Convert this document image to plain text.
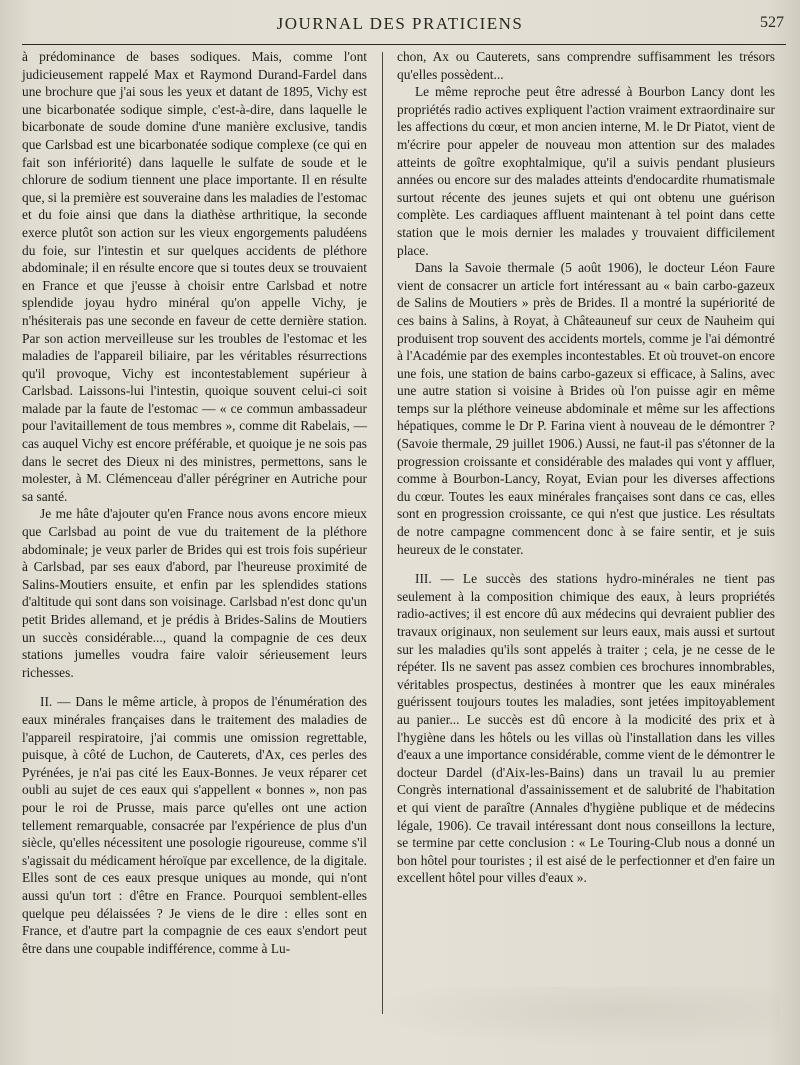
JOURNAL DES PRATICIENS	527

à prédominance de bases sodiques. Mais, comme l'ont judicieusement rappelé Max et Raymond Durand-Fardel dans une brochure que j'ai sous les yeux et datant de 1895, Vichy est une bicarbonatée sodique simple, c'est-à-dire, dans laquelle le bicarbonate de soude domine d'une manière exclusive, tandis que Carlsbad est une bicarbonatée sodique complexe (ce qui en fait son infériorité) dans laquelle le sulfate de soude et le chlorure de sodium tiennent une place importante. Il en résulte que, si la première est souveraine dans les maladies de l'estomac et du foie ainsi que dans la diathèse arthritique, la seconde exerce plutôt son action sur les vieux engorgements paludéens du foie, sur l'intestin et sur quelques accidents de pléthore abdominale; il en résulte encore que si toutes deux se trouvaient en France et que j'eusse à choisir entre Carlsbad et notre splendide joyau hydro minéral qu'on appelle Vichy, je n'hésiterais pas une seconde en faveur de cette dernière station. Par son action merveilleuse sur les troubles de l'estomac et les maladies de l'appareil biliaire, par les véritables résurrections qu'il provoque, Vichy est incontestablement supérieur à Carlsbad. Laissons-lui l'intestin, quoique souvent celui-ci soit malade par la faute de l'estomac — « ce commun ambassadeur pour l'avitaillement de tous membres », comme dit Rabelais, — cas auquel Vichy est encore préférable, et quoique je ne sois pas dans le secret des Dieux ni des ministres, permettons, sans le molester, à M. Clémenceau d'aller pérégriner en Autriche pour sa santé.

Je me hâte d'ajouter qu'en France nous avons encore mieux que Carlsbad au point de vue du traitement de la pléthore abdominale; je veux parler de Brides qui est trois fois supérieur à Carlsbad, par ses eaux d'abord, par l'heureuse proximité de Salins-Moutiers ensuite, et enfin par les splendides stations d'altitude qui sont dans son voisinage. Carlsbad n'est donc qu'un petit Brides allemand, et je prédis à Brides-Salins de Moutiers un succès considérable..., quand la compagnie de ces deux stations jumelles voudra faire valoir sérieusement leurs richesses.

II. — Dans le même article, à propos de l'énumération des eaux minérales françaises dans le traitement des maladies de l'appareil respiratoire, j'ai commis une omission regrettable, puisque, à côté de Luchon, de Cauterets, d'Ax, ces perles des Pyrénées, je n'ai pas cité les Eaux-Bonnes. Je veux réparer cet oubli au sujet de ces eaux qui s'appellent « bonnes », non pas pour le roi de Prusse, mais parce qu'elles ont une action tellement remarquable, consacrée par l'expérience de plus d'un siècle, qu'elles nécessitent une posologie rigoureuse, comme s'il s'agissait du médicament héroïque par excellence, de la digitale. Elles sont de ces eaux presque uniques au monde, qui n'ont aussi qu'un tort : d'être en France. Pourquoi semblent-elles quelque peu délaissées ? Je viens de le dire : elles sont en France, et d'autre part la compagnie de ces eaux s'endort peut être dans une coupable indifférence, comme à Lu-

chon, Ax ou Cauterets, sans comprendre suffisamment les trésors qu'elles possèdent...

Le même reproche peut être adressé à Bourbon Lancy dont les propriétés radio actives expliquent l'action vraiment extraordinaire sur les affections du cœur, et mon ancien interne, M. le Dr Piatot, vient de m'écrire pour appeler de nouveau mon attention sur des malades atteints de goître exophtalmique, qu'il a suivis pendant plusieurs années ou encore sur des malades atteints d'endocardite rhumatismale surtout récente des jeunes sujets et qui ont obtenu une guérison complète. Les cardiaques affluent maintenant à tel point dans cette station que le mois dernier les malades y trouvaient difficilement place.

Dans la Savoie thermale (5 août 1906), le docteur Léon Faure vient de consacrer un article fort intéressant au « bain carbo-gazeux de Salins de Moutiers » près de Brides. Il a montré la supériorité de ces bains à Salins, à Royat, à Châteauneuf sur ceux de Nauheim qui produisent trop souvent des accidents mortels, comme je l'ai démontré à l'Académie par des exemples incontestables. Et où trouvet-on encore une fois, une station de bains carbo-gazeux si efficace, à Salins, avec une autre station si voisine à Brides où l'on puisse agir en même temps sur la pléthore veineuse abdominale et même sur les affections hépatiques, comme le Dr P. Farina vient à nouveau de le démontrer ? (Savoie thermale, 29 juillet 1906.) Aussi, ne faut-il pas s'étonner de la progression croissante et considérable des malades qui vont y affluer, comme à Bourbon-Lancy, Royat, Evian pour les diverses affections du cœur. Toutes les eaux minérales françaises sont dans ce cas, elles sont en progression croissante, ce qui n'est que justice. Les résultats de notre campagne commencent donc à se faire sentir, et je suis heureux de le constater.

III. — Le succès des stations hydro-minérales ne tient pas seulement à la composition chimique des eaux, à leurs propriétés radio-actives; il est encore dû aux médecins qui devraient publier des travaux originaux, non seulement sur leurs eaux, mais aussi et surtout sur les maladies qu'ils sont appelés à traiter ; cela, je ne cesse de le répéter. Ils ne savent pas assez combien ces brochures innombrables, véritables prospectus, destinées à montrer que les eaux minérales guérissent toujours toutes les maladies, sont jetées impitoyablement au panier... Le succès est dû encore à la modicité des prix et à l'hygiène dans les hôtels ou les villas où l'installation dans les villes d'eaux a une importance considérable, comme vient de le démontrer le docteur Dardel (d'Aix-les-Bains) dans un travail lu au premier Congrès international d'assainissement et de salubrité de l'habitation et qui vient de paraître (Annales d'hygiène publique et de médecins légale, 1906). Ce travail intéressant dont nous conseillons la lecture, se termine par cette conclusion : « Le Touring-Club nous a donné un bon hôtel pour touristes ; il est aisé de le perfectionner et d'en faire un excellent hôtel pour villes d'eaux ».
